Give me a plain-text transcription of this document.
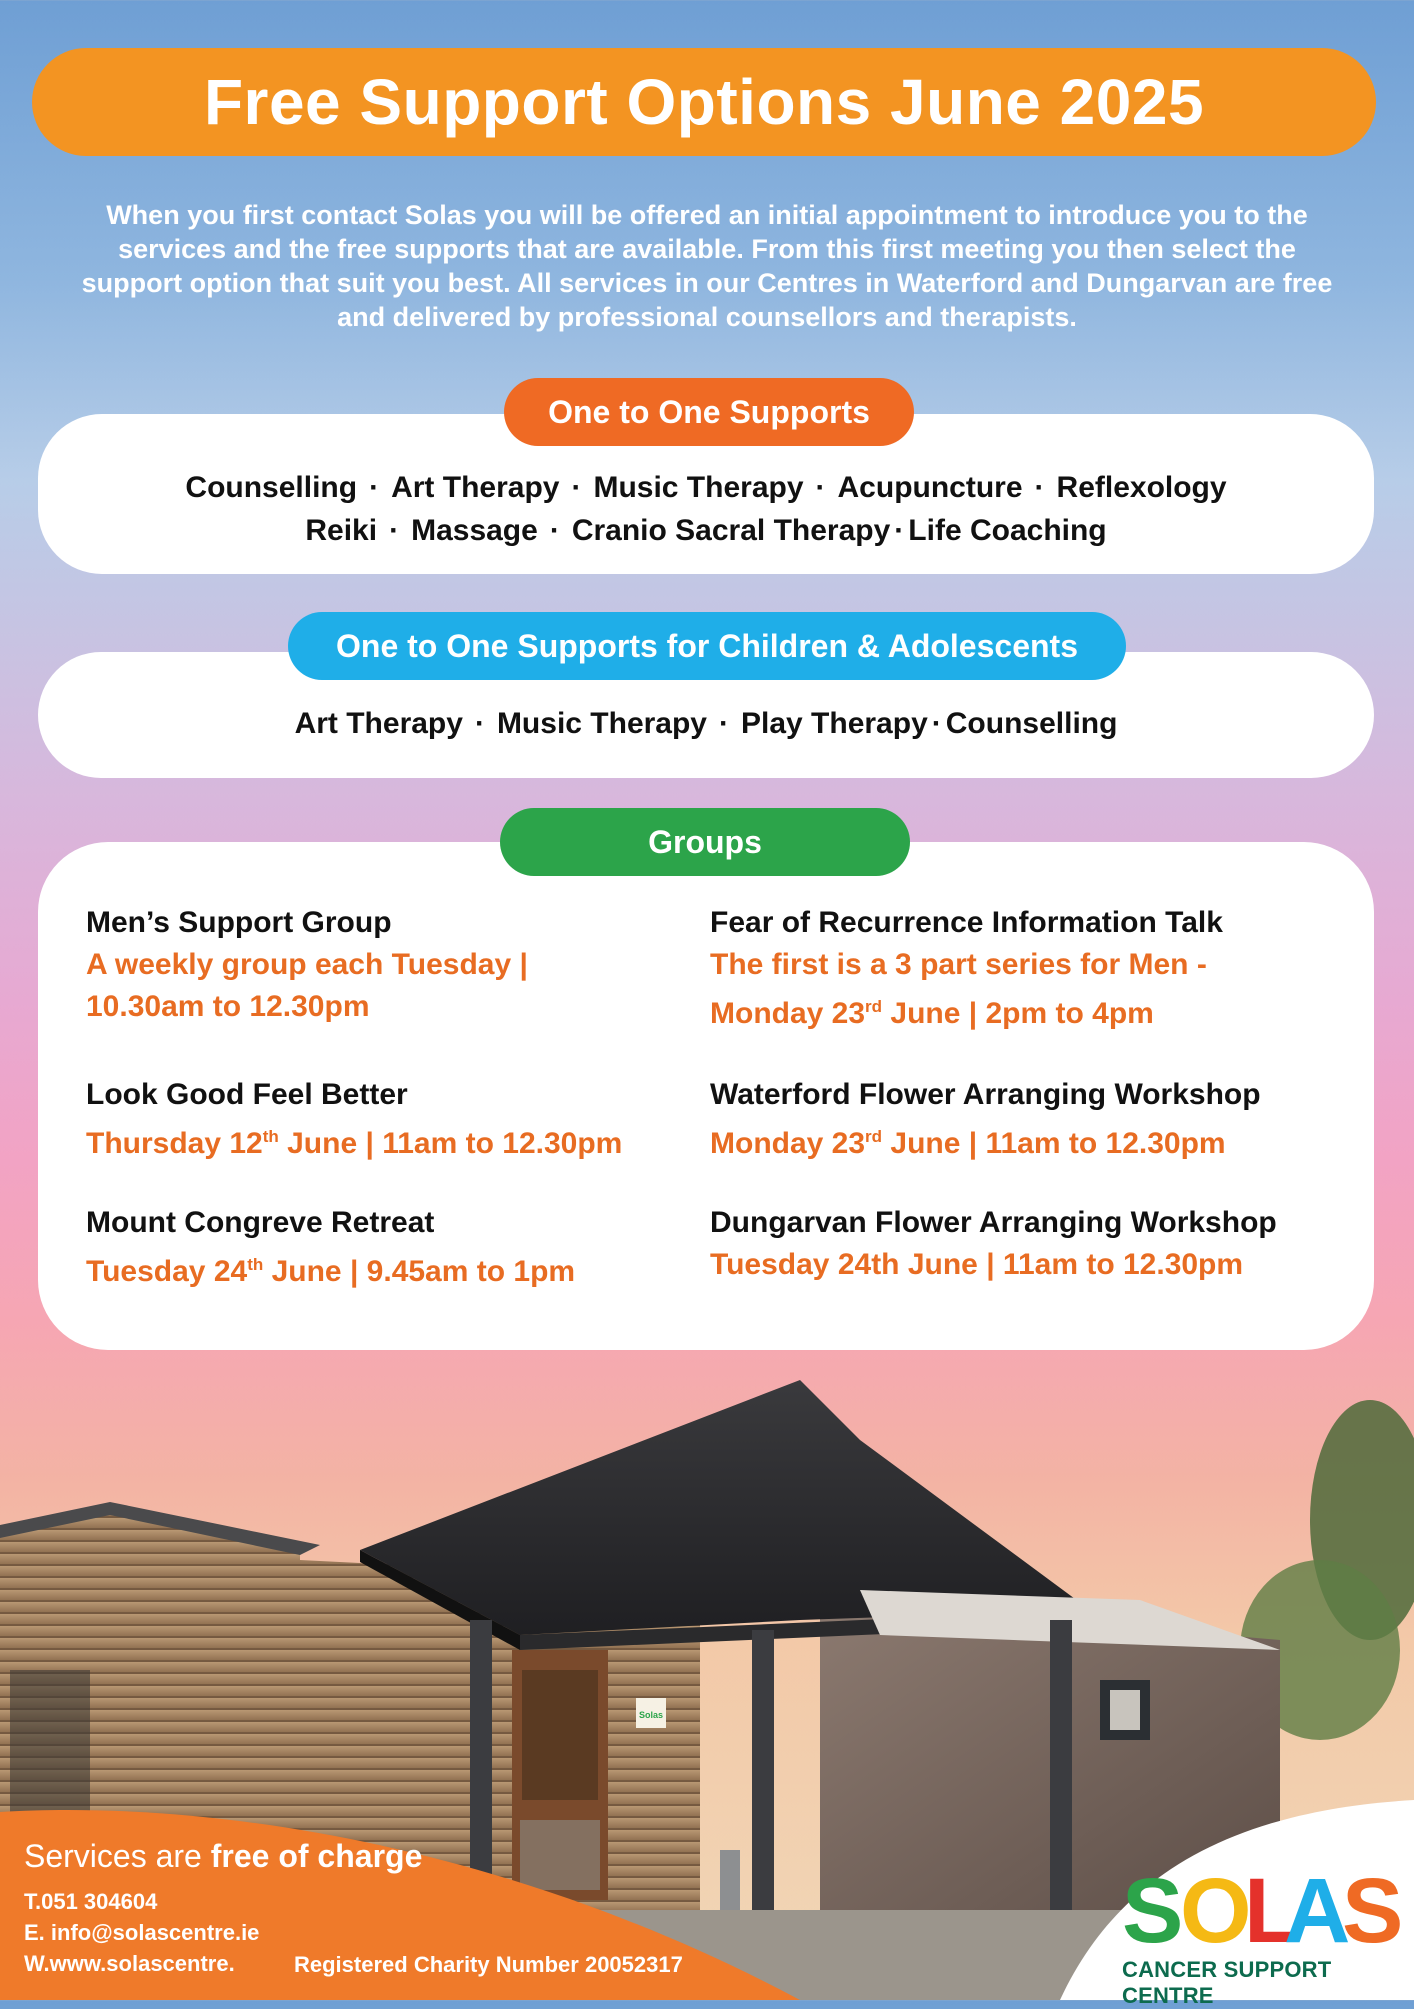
Free Support Options June 2025
When you first contact Solas you will be offered an initial appointment to introduce you to the
services and the free supports that are available. From this first meeting you then select the
support option that suit you best. All services in our Centres in Waterford and Dungarvan are free
and delivered by professional counsellors and therapists.
One to One Supports
Counselling · Art Therapy · Music Therapy · Acupuncture · Reflexology
Reiki · Massage · Cranio Sacral Therapy · Life Coaching
One to One Supports for Children & Adolescents
Art Therapy · Music Therapy · Play Therapy · Counselling
Groups
Men’s Support Group
A weekly group each Tuesday |
10.30am to 12.30pm
Fear of Recurrence Information Talk
The first is a 3 part series for Men -
Monday 23rd June | 2pm to 4pm
Look Good Feel Better
Thursday 12th June | 11am to 12.30pm
Waterford Flower Arranging Workshop
Monday 23rd June | 11am to 12.30pm
Mount Congreve Retreat
Tuesday 24th June | 9.45am to 1pm
Dungarvan Flower Arranging Workshop
Tuesday 24th June | 11am to 12.30pm
Solas
Services are free of charge
T.051 304604
E. info@solascentre.ie
W.www.solascentre.	Registered Charity Number 20052317
S
O
L
A
S
CANCER SUPPORT CENTRE
